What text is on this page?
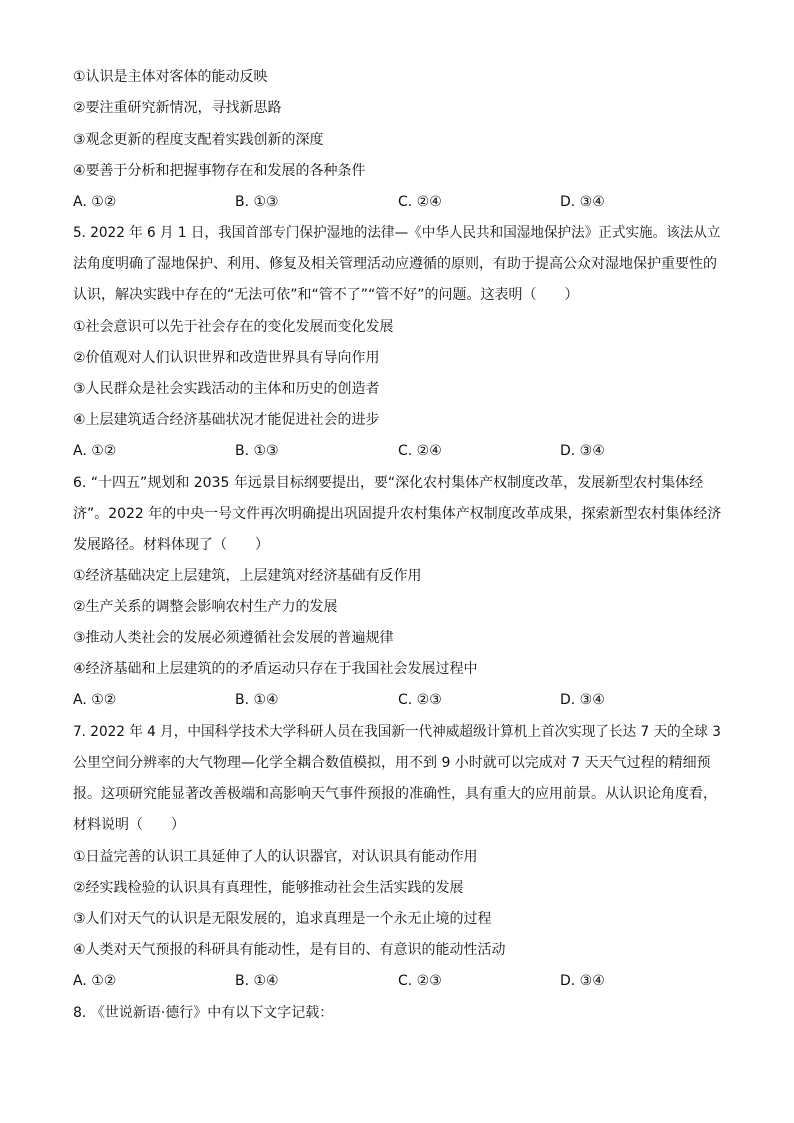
①认识是主体对客体的能动反映
②要注重研究新情况，寻找新思路
③观念更新的程度支配着实践创新的深度
④要善于分析和把握事物存在和发展的各种条件
A. ①②	B. ①③	C. ②④	D. ③④
5. 2022 年 6 月 1 日，我国首部专门保护湿地的法律—《中华人民共和国湿地保护法》正式实施。该法从立
法角度明确了湿地保护、利用、修复及相关管理活动应遵循的原则，有助于提高公众对湿地保护重要性的
认识，解决实践中存在的“无法可依”和“管不了”“管不好”的问题。这表明（　　）
①社会意识可以先于社会存在的变化发展而变化发展
②价值观对人们认识世界和改造世界具有导向作用
③人民群众是社会实践活动的主体和历史的创造者
④上层建筑适合经济基础状况才能促进社会的进步
A. ①②	B. ①③	C. ②④	D. ③④
6. “十四五”规划和 2035 年远景目标纲要提出，要“深化农村集体产权制度改革，发展新型农村集体经
济”。2022 年的中央一号文件再次明确提出巩固提升农村集体产权制度改革成果，探索新型农村集体经济
发展路径。材料体现了（　　）
①经济基础决定上层建筑，上层建筑对经济基础有反作用
②生产关系的调整会影响农村生产力的发展
③推动人类社会的发展必须遵循社会发展的普遍规律
④经济基础和上层建筑的的矛盾运动只存在于我国社会发展过程中
A. ①②	B. ①④	C. ②③	D. ③④
7. 2022 年 4 月，中国科学技术大学科研人员在我国新一代神威超级计算机上首次实现了长达 7 天的全球 3
公里空间分辨率的大气物理—化学全耦合数值模拟，用不到 9 小时就可以完成对 7 天天气过程的精细预
报。这项研究能显著改善极端和高影响天气事件预报的准确性，具有重大的应用前景。从认识论角度看，
材料说明（　　）
①日益完善的认识工具延伸了人的认识器官，对认识具有能动作用
②经实践检验的认识具有真理性，能够推动社会生活实践的发展
③人们对天气的认识是无限发展的，追求真理是一个永无止境的过程
④人类对天气预报的科研具有能动性，是有目的、有意识的能动性活动
A. ①②	B. ①④	C. ②③	D. ③④
8. 《世说新语·德行》中有以下文字记载：
